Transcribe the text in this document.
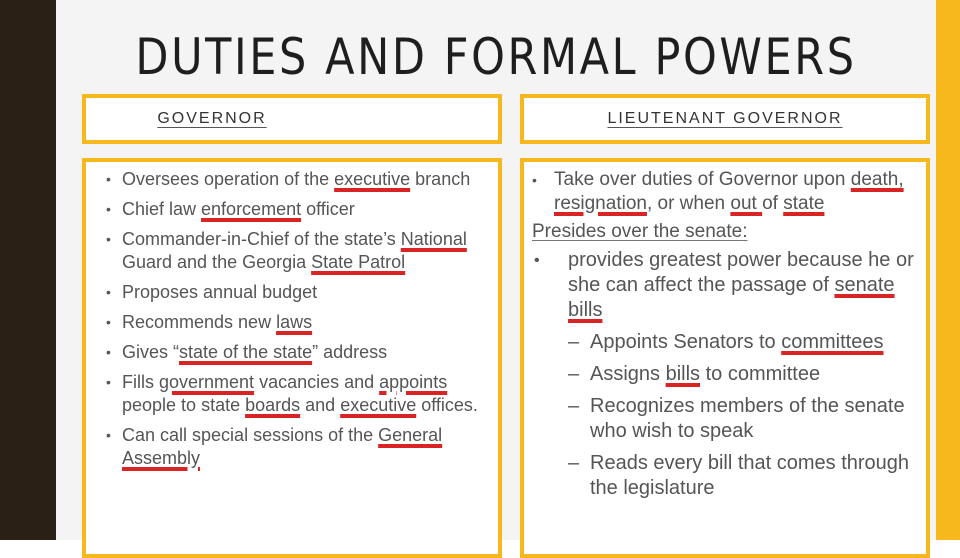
DUTIES AND FORMAL POWERS
GOVERNOR	LIEUTENANT GOVERNOR
• Oversees operation of the executive branch
• Chief law enforcement officer
• Commander-in-Chief of the state’s National Guard and the Georgia State Patrol
• Proposes annual budget
• Recommends new laws
• Gives “state of the state” address
• Fills government vacancies and appoints people to state boards and executive offices.
• Can call special sessions of the General Assembly
• Take over duties of Governor upon death, resignation, or when out of state
Presides over the senate:
• provides greatest power because he or she can affect the passage of senate bills
– Appoints Senators to committees
– Assigns bills to committee
– Recognizes members of the senate who wish to speak
– Reads every bill that comes through the legislature
